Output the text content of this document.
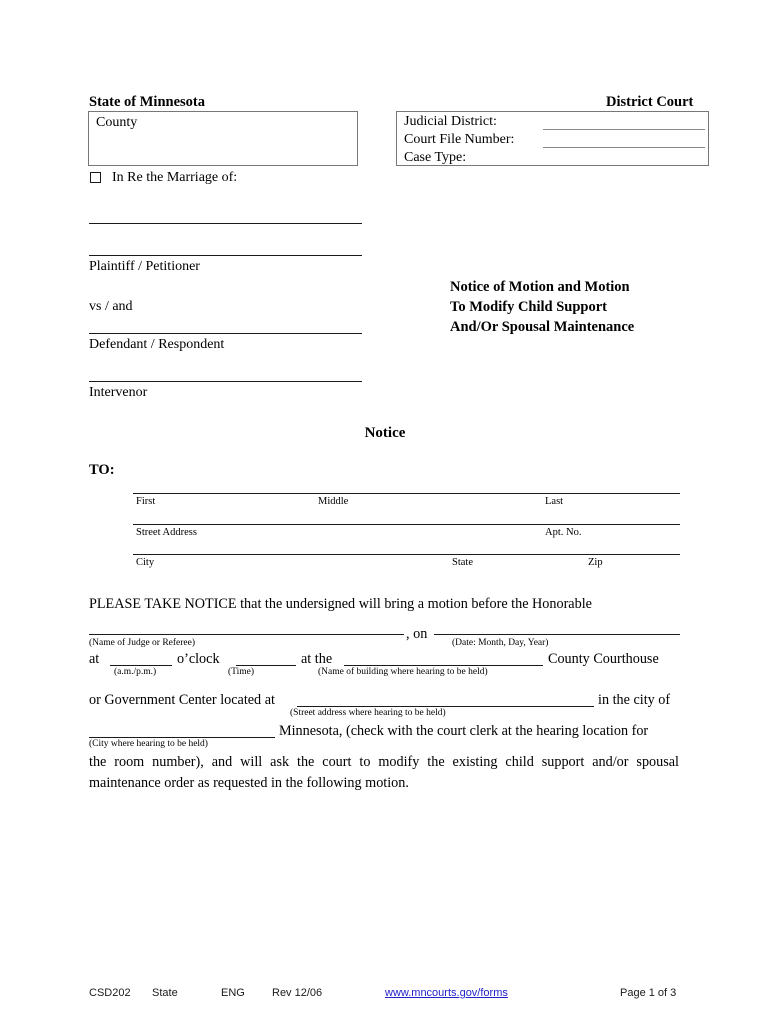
State of Minnesota	District Court
County	Judicial District:
Court File Number:
Case Type:
In Re the Marriage of:
Plaintiff / Petitioner
vs / and
Defendant / Respondent
Intervenor
Notice of Motion and Motion
To Modify Child Support
And/Or Spousal Maintenance
Notice
TO:
First	Middle	Last
Street Address	Apt. No.
City	State	Zip
PLEASE TAKE NOTICE that the undersigned will bring a motion before the Honorable
, on
(Name of Judge or Referee)	(Date: Month, Day, Year)
at	o’clock	at the	County Courthouse
(a.m./p.m.)	(Time)	(Name of building where hearing to be held)
or Government Center located at	in the city of
(Street address where hearing to be held)
Minnesota, (check with the court clerk at the hearing location for
(City where hearing to be held)
the room number), and will ask the court to modify the existing child support and/or spousal maintenance order as requested in the following motion.
CSD202 State	ENG Rev 12/06	www.mncourts.gov/forms	Page 1 of 3
